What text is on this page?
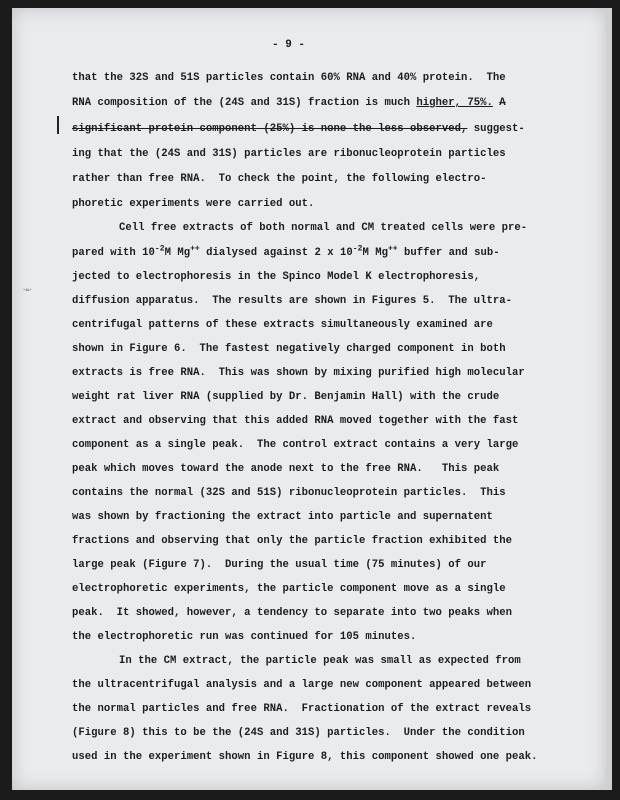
- 9 -
·≈·
that the 32S and 51S particles contain 60% RNA and 40% protein.  The
RNA composition of the (24S and 31S) fraction is much higher, 75%. A
significant protein component (25%) is none the less observed, suggest-
ing that the (24S and 31S) particles are ribonucleoprotein particles
rather than free RNA.  To check the point, the following electro-
phoretic experiments were carried out.
Cell free extracts of both normal and CM treated cells were pre-
pared with $10^{-2}M$ Mg++ dialysed against 2 x $10^{-2}M$ Mg++ buffer and sub-
jected to electrophoresis in the Spinco Model K electrophoresis,
diffusion apparatus.  The results are shown in Figures 5.  The ultra-
centrifugal patterns of these extracts simultaneously examined are
shown in Figure 6.  The fastest negatively charged component in both
extracts is free RNA.  This was shown by mixing purified high molecular
weight rat liver RNA (supplied by Dr. Benjamin Hall) with the crude
extract and observing that this added RNA moved together with the fast
component as a single peak.  The control extract contains a very large
peak which moves toward the anode next to the free RNA.   This peak
contains the normal (32S and 51S) ribonucleoprotein particles.  This
was shown by fractioning the extract into particle and supernatent
fractions and observing that only the particle fraction exhibited the
large peak (Figure 7).  During the usual time (75 minutes) of our
electrophoretic experiments, the particle component move as a single
peak.  It showed, however, a tendency to separate into two peaks when
the electrophoretic run was continued for 105 minutes.
In the CM extract, the particle peak was small as expected from
the ultracentrifugal analysis and a large new component appeared between
the normal particles and free RNA.  Fractionation of the extract reveals
(Figure 8) this to be the (24S and 31S) particles.  Under the condition
used in the experiment shown in Figure 8, this component showed one peak.
